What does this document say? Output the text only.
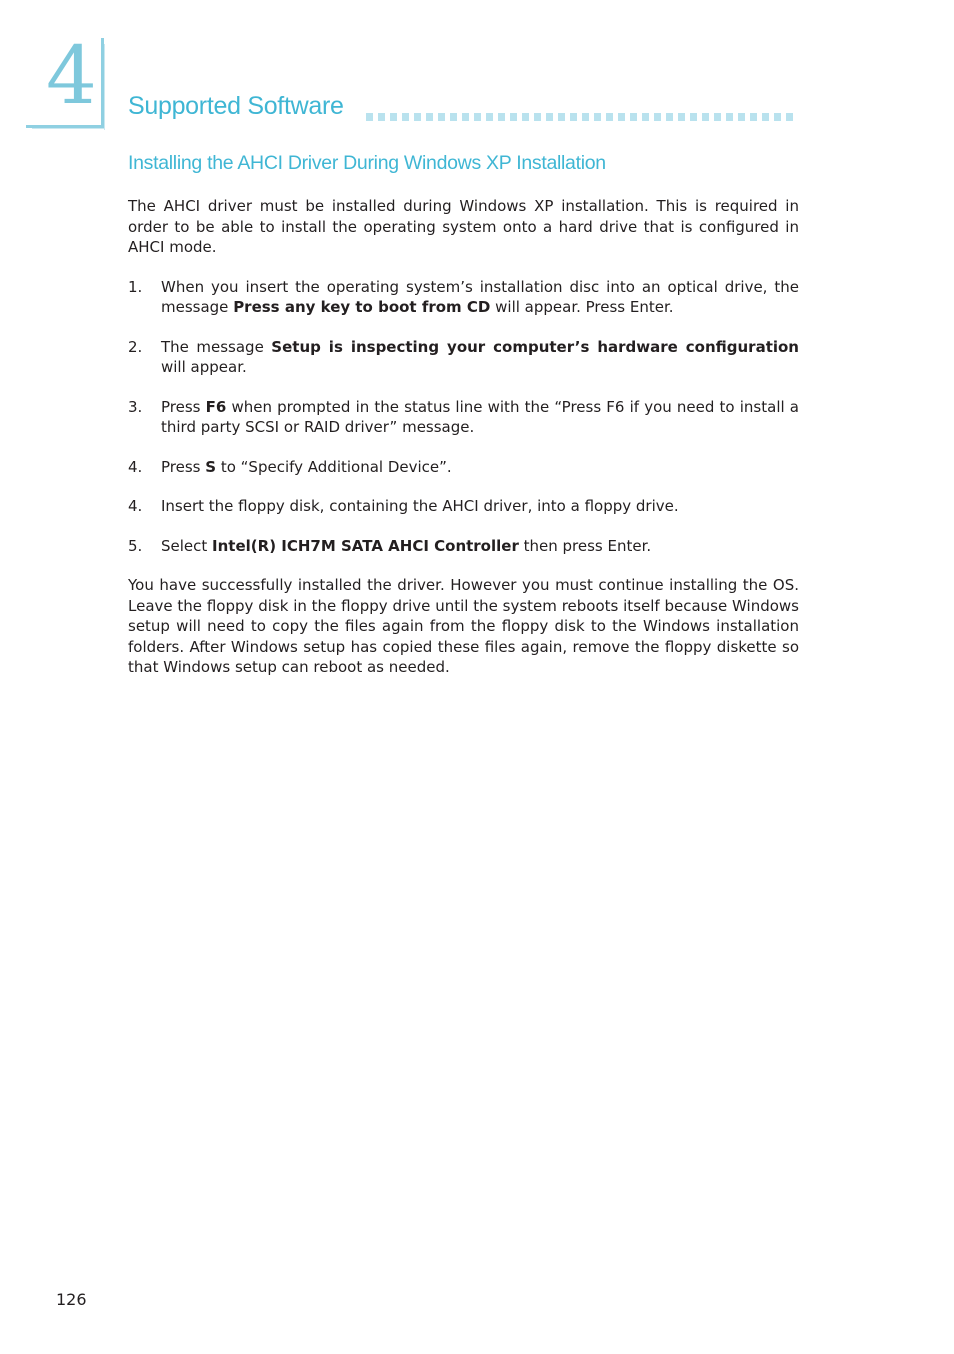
4 Supported Software
Installing the AHCI Driver During Windows XP Installation

The AHCI driver must be installed during Windows XP installation. This is required in order to be able to install the operating system onto a hard drive that is configured in AHCI mode.

1.	When you insert the operating system’s installation disc into an optical drive, the message Press any key to boot from CD will appear. Press Enter.
2.	The message Setup is inspecting your computer’s hardware configuration will appear.
3.	Press F6 when prompted in the status line with the “Press F6 if you need to install a third party SCSI or RAID driver” message.
4.	Press S to “Specify Additional Device”.
4.	Insert the floppy disk, containing the AHCI driver, into a floppy drive.
5.	Select Intel(R) ICH7M SATA AHCI Controller then press Enter.

You have successfully installed the driver. However you must continue installing the OS. Leave the floppy disk in the floppy drive until the system reboots itself because Windows setup will need to copy the files again from the floppy disk to the Windows installation folders. After Windows setup has copied these files again, remove the floppy diskette so that Windows setup can reboot as needed.

126
